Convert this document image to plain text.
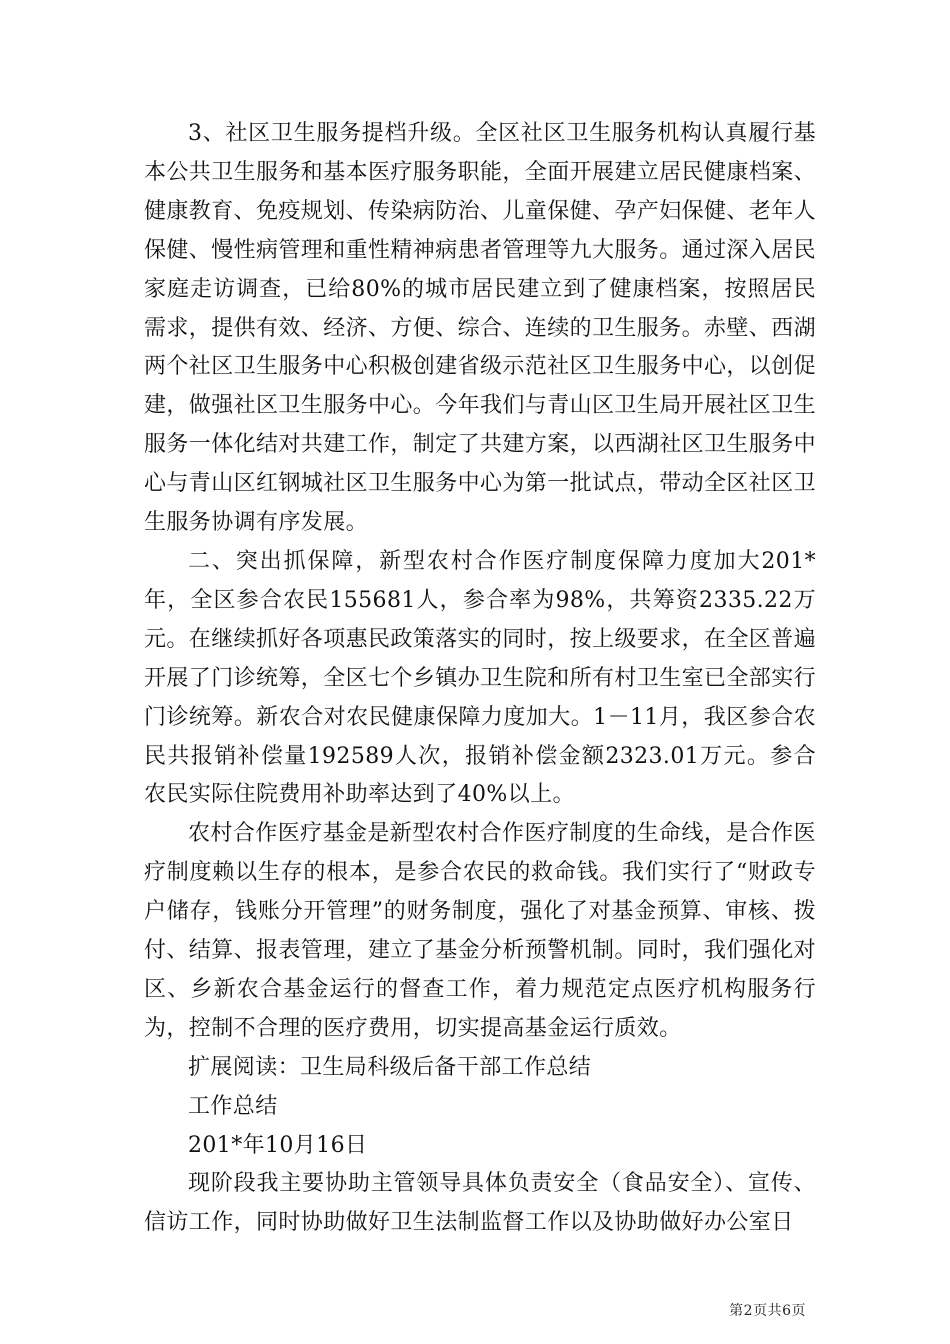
3、社区卫生服务提档升级。全区社区卫生服务机构认真履行基本公共卫生服务和基本医疗服务职能，全面开展建立居民健康档案、健康教育、免疫规划、传染病防治、儿童保健、孕产妇保健、老年人保健、慢性病管理和重性精神病患者管理等九大服务。通过深入居民家庭走访调查，已给80%的城市居民建立到了健康档案，按照居民需求，提供有效、经济、方便、综合、连续的卫生服务。赤壁、西湖两个社区卫生服务中心积极创建省级示范社区卫生服务中心，以创促建，做强社区卫生服务中心。今年我们与青山区卫生局开展社区卫生服务一体化结对共建工作，制定了共建方案，以西湖社区卫生服务中心与青山区红钢城社区卫生服务中心为第一批试点，带动全区社区卫生服务协调有序发展。

二、突出抓保障，新型农村合作医疗制度保障力度加大201*年，全区参合农民155681人，参合率为98%，共筹资2335.22万元。在继续抓好各项惠民政策落实的同时，按上级要求，在全区普遍开展了门诊统筹，全区七个乡镇办卫生院和所有村卫生室已全部实行门诊统筹。新农合对农民健康保障力度加大。1－11月，我区参合农民共报销补偿量192589人次，报销补偿金额2323.01万元。参合农民实际住院费用补助率达到了40%以上。

农村合作医疗基金是新型农村合作医疗制度的生命线，是合作医疗制度赖以生存的根本，是参合农民的救命钱。我们实行了“财政专户储存，钱账分开管理”的财务制度，强化了对基金预算、审核、拨付、结算、报表管理，建立了基金分析预警机制。同时，我们强化对区、乡新农合基金运行的督查工作，着力规范定点医疗机构服务行为，控制不合理的医疗费用，切实提高基金运行质效。

扩展阅读：卫生局科级后备干部工作总结

工作总结

201*年10月16日

现阶段我主要协助主管领导具体负责安全（食品安全）、宣传、信访工作，同时协助做好卫生法制监督工作以及协助做好办公室日

第2页共6页
